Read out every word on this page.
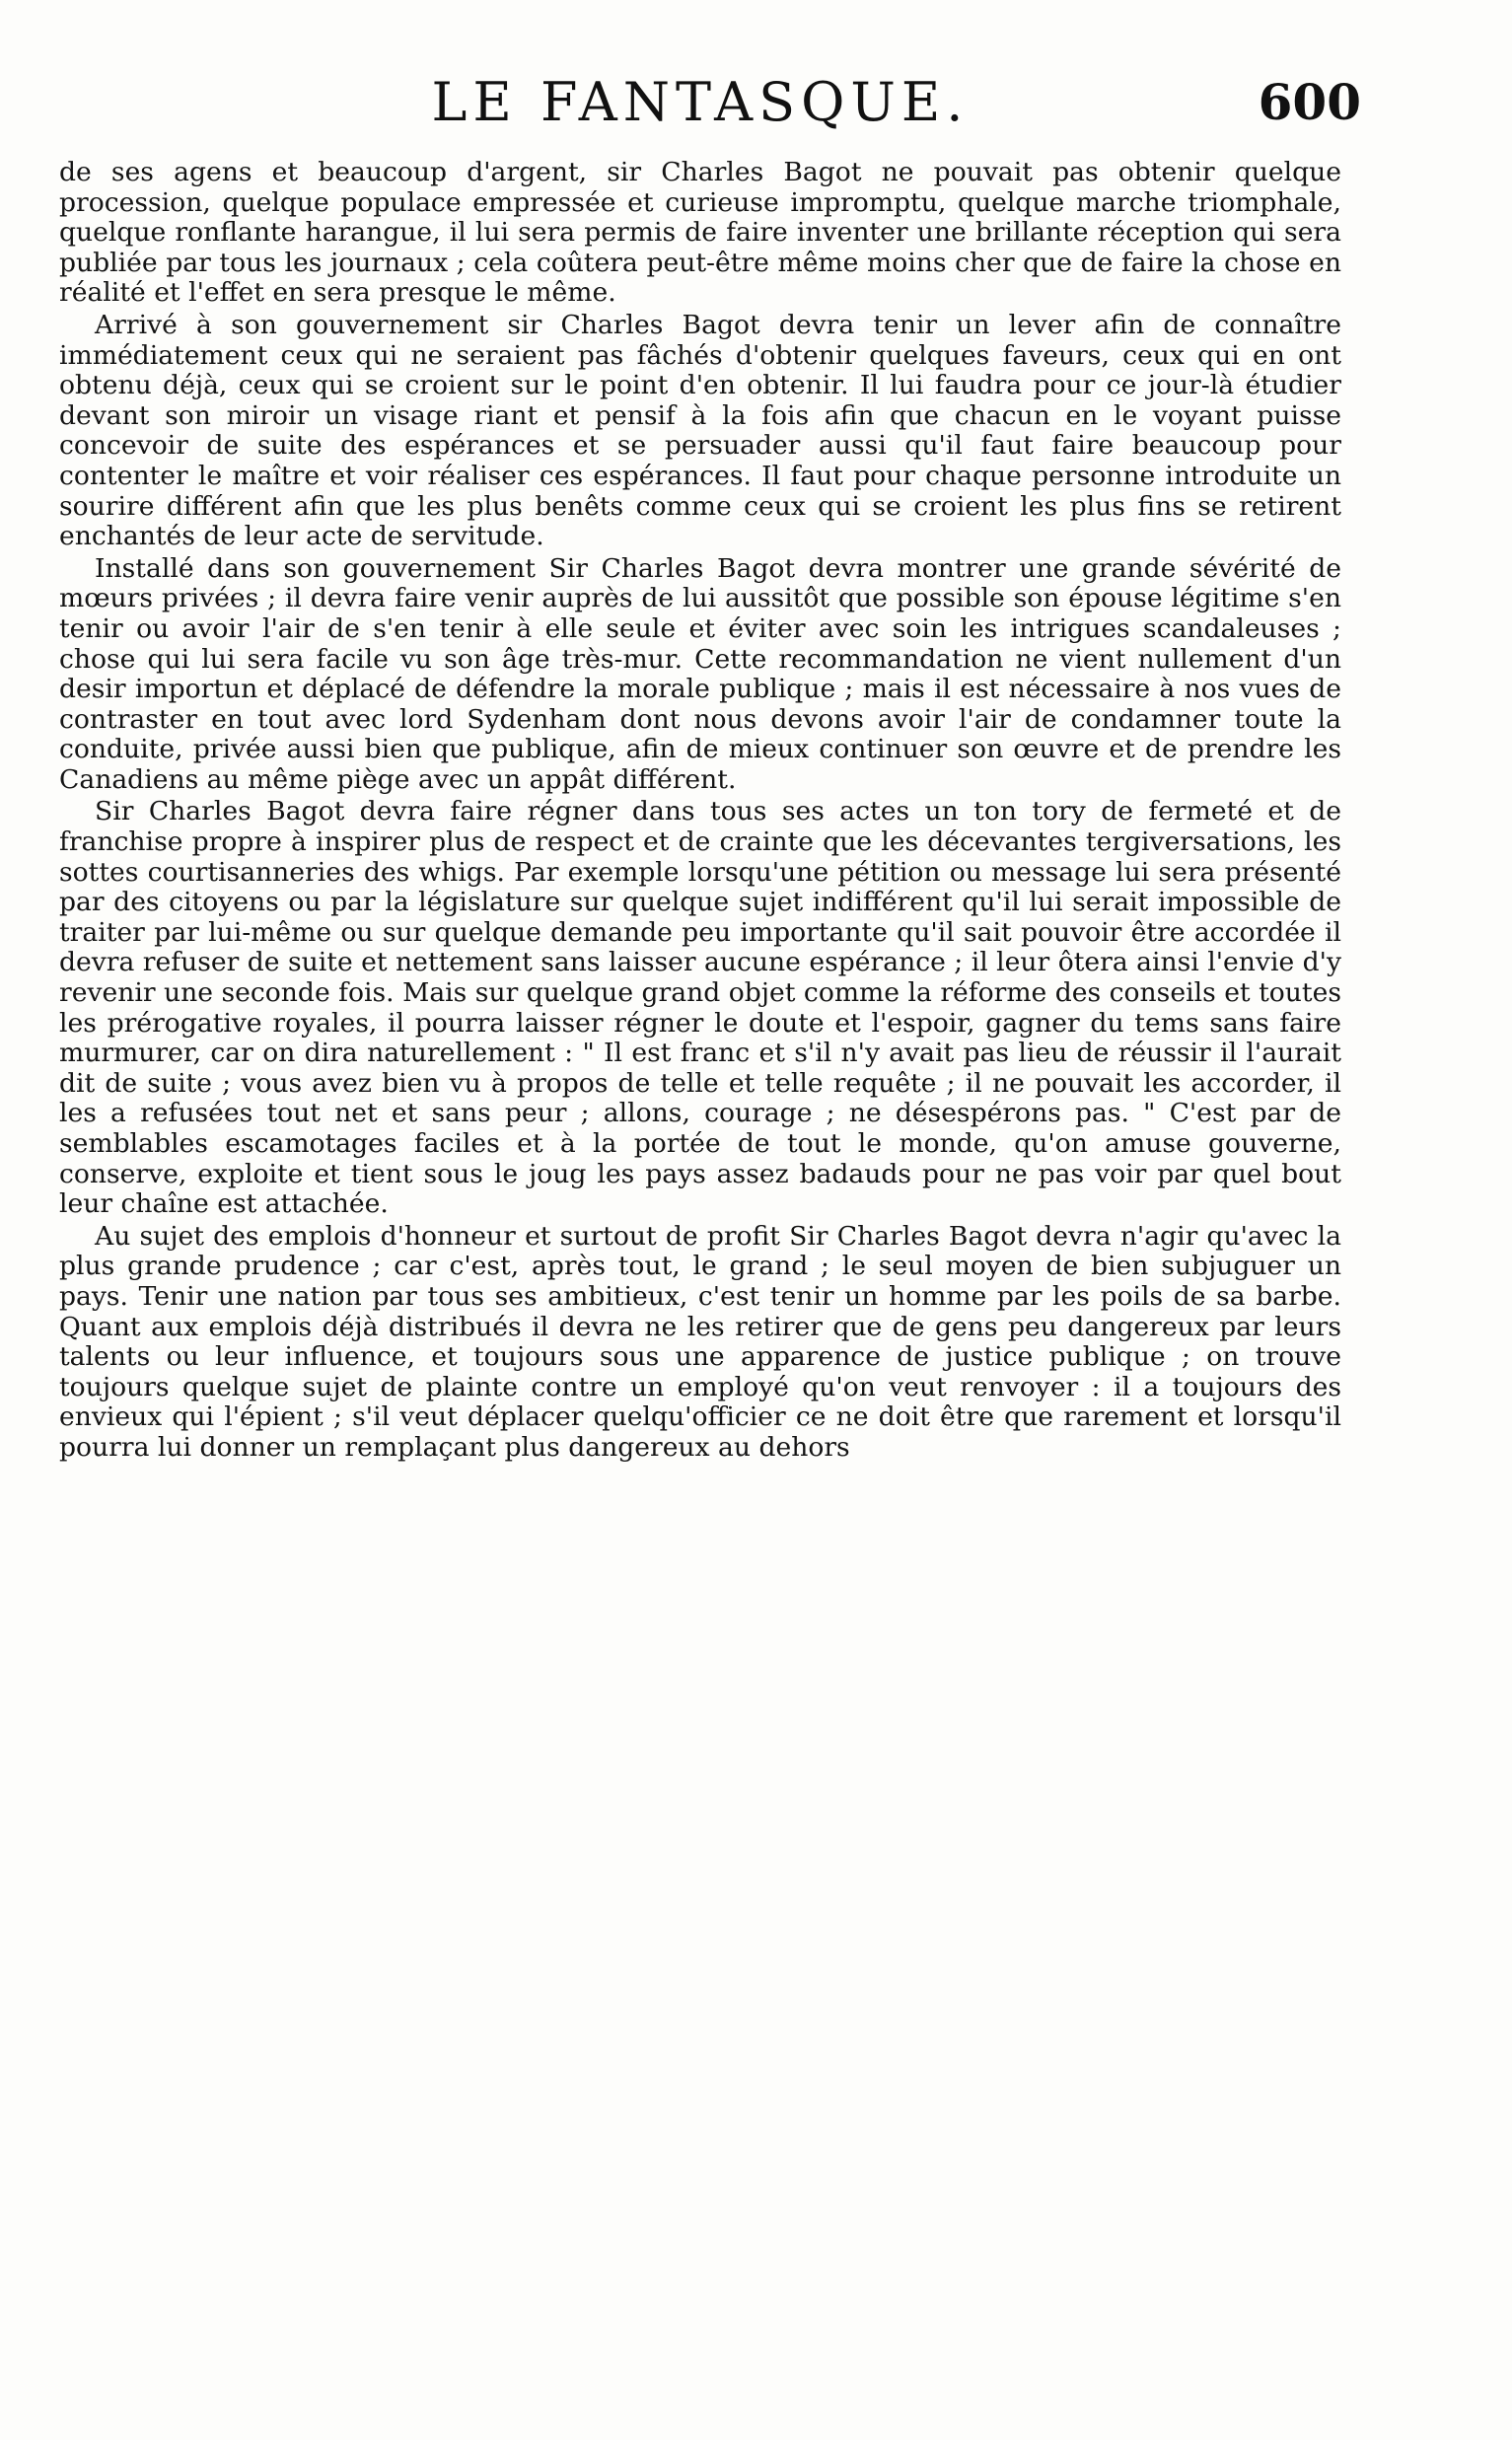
LE FANTASQUE.	600

de ses agens et beaucoup d'argent, sir Charles Bagot ne pouvait pas obtenir quelque procession, quelque populace empressée et curieuse impromptu, quelque marche triomphale, quelque ronflante harangue, il lui sera permis de faire inventer une brillante réception qui sera publiée par tous les journaux ; cela coûtera peut-être même moins cher que de faire la chose en réalité et l'effet en sera presque le même.

Arrivé à son gouvernement sir Charles Bagot devra tenir un lever afin de connaître immédiatement ceux qui ne seraient pas fâchés d'obtenir quelques faveurs, ceux qui en ont obtenu déjà, ceux qui se croient sur le point d'en obtenir. Il lui faudra pour ce jour-là étudier devant son miroir un visage riant et pensif à la fois afin que chacun en le voyant puisse concevoir de suite des espérances et se persuader aussi qu'il faut faire beaucoup pour contenter le maître et voir réaliser ces espérances. Il faut pour chaque personne introduite un sourire différent afin que les plus benêts comme ceux qui se croient les plus fins se retirent enchantés de leur acte de servitude.

Installé dans son gouvernement Sir Charles Bagot devra montrer une grande sévérité de mœurs privées ; il devra faire venir auprès de lui aussitôt que possible son épouse légitime s'en tenir ou avoir l'air de s'en tenir à elle seule et éviter avec soin les intrigues scandaleuses ; chose qui lui sera facile vu son âge très-mur. Cette recommandation ne vient nullement d'un desir importun et déplacé de défendre la morale publique ; mais il est nécessaire à nos vues de contraster en tout avec lord Sydenham dont nous devons avoir l'air de condamner toute la conduite, privée aussi bien que publique, afin de mieux continuer son œuvre et de prendre les Canadiens au même piège avec un appât différent.

Sir Charles Bagot devra faire régner dans tous ses actes un ton tory de fermeté et de franchise propre à inspirer plus de respect et de crainte que les décevantes tergiversations, les sottes courtisanneries des whigs. Par exemple lorsqu'une pétition ou message lui sera présenté par des citoyens ou par la législature sur quelque sujet indifférent qu'il lui serait impossible de traiter par lui-même ou sur quelque demande peu importante qu'il sait pouvoir être accordée il devra refuser de suite et nettement sans laisser aucune espérance ; il leur ôtera ainsi l'envie d'y revenir une seconde fois. Mais sur quelque grand objet comme la réforme des conseils et toutes les prérogative royales, il pourra laisser régner le doute et l'espoir, gagner du tems sans faire murmurer, car on dira naturellement : " Il est franc et s'il n'y avait pas lieu de réussir il l'aurait dit de suite ; vous avez bien vu à propos de telle et telle requête ; il ne pouvait les accorder, il les a refusées tout net et sans peur ; allons, courage ; ne désespérons pas. " C'est par de semblables escamotages faciles et à la portée de tout le monde, qu'on amuse gouverne, conserve, exploite et tient sous le joug les pays assez badauds pour ne pas voir par quel bout leur chaîne est attachée.

Au sujet des emplois d'honneur et surtout de profit Sir Charles Bagot devra n'agir qu'avec la plus grande prudence ; car c'est, après tout, le grand ; le seul moyen de bien subjuguer un pays. Tenir une nation par tous ses ambitieux, c'est tenir un homme par les poils de sa barbe. Quant aux emplois déjà distribués il devra ne les retirer que de gens peu dangereux par leurs talents ou leur influence, et toujours sous une apparence de justice publique ; on trouve toujours quelque sujet de plainte contre un employé qu'on veut renvoyer : il a toujours des envieux qui l'épient ; s'il veut déplacer quelqu'officier ce ne doit être que rarement et lorsqu'il pourra lui donner un remplaçant plus dangereux au dehors
